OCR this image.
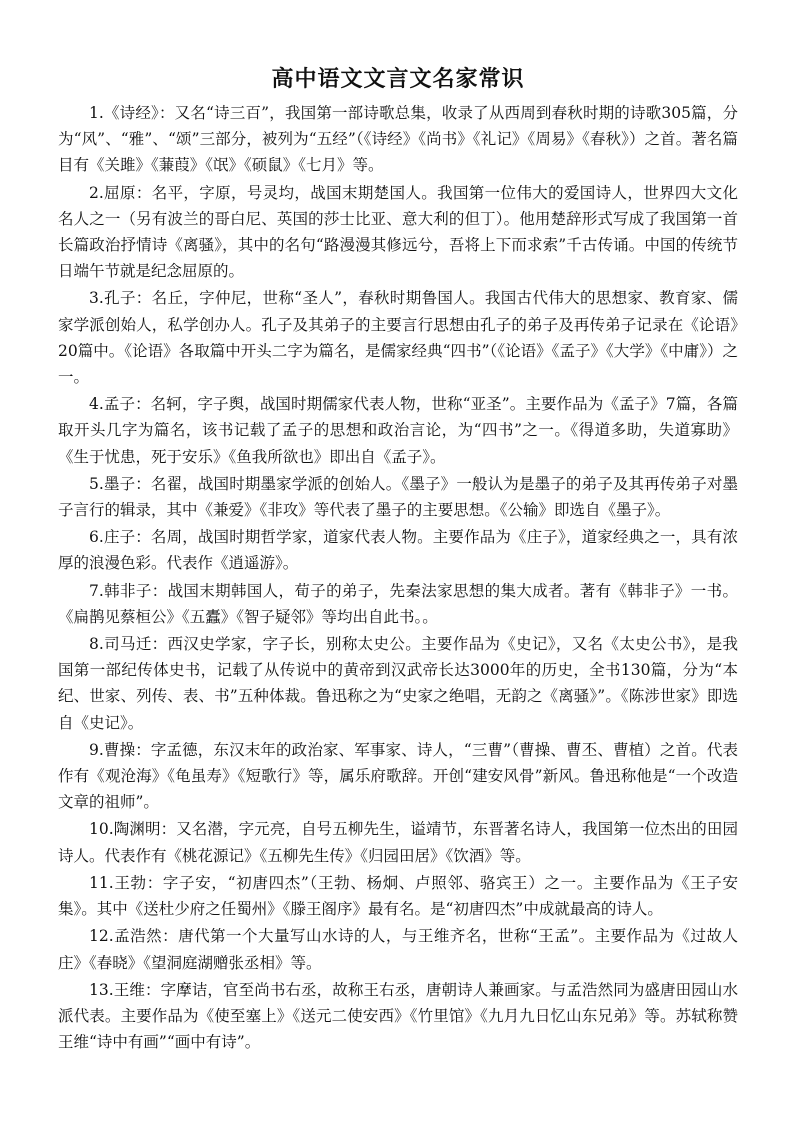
高中语文文言文名家常识

1.《诗经》：又名“诗三百”，我国第一部诗歌总集，收录了从西周到春秋时期的诗歌305篇，分为“风”、“雅”、“颂”三部分，被列为“五经”（《诗经》《尚书》《礼记》《周易》《春秋》）之首。著名篇目有《关雎》《蒹葭》《氓》《硕鼠》《七月》等。

2.屈原：名平，字原，号灵均，战国末期楚国人。我国第一位伟大的爱国诗人，世界四大文化名人之一（另有波兰的哥白尼、英国的莎士比亚、意大利的但丁）。他用楚辞形式写成了我国第一首长篇政治抒情诗《离骚》，其中的名句“路漫漫其修远兮，吾将上下而求索”千古传诵。中国的传统节日端午节就是纪念屈原的。

3.孔子：名丘，字仲尼，世称“圣人”，春秋时期鲁国人。我国古代伟大的思想家、教育家、儒家学派创始人，私学创办人。孔子及其弟子的主要言行思想由孔子的弟子及再传弟子记录在《论语》20篇中。《论语》各取篇中开头二字为篇名，是儒家经典“四书”（《论语》《孟子》《大学》《中庸》）之一。

4.孟子：名轲，字子舆，战国时期儒家代表人物，世称“亚圣”。主要作品为《孟子》7篇，各篇取开头几字为篇名，该书记载了孟子的思想和政治言论，为“四书”之一。《得道多助，失道寡助》《生于忧患，死于安乐》《鱼我所欲也》即出自《孟子》。

5.墨子：名翟，战国时期墨家学派的创始人。《墨子》一般认为是墨子的弟子及其再传弟子对墨子言行的辑录，其中《兼爱》《非攻》等代表了墨子的主要思想。《公输》即选自《墨子》。

6.庄子：名周，战国时期哲学家，道家代表人物。主要作品为《庄子》，道家经典之一，具有浓厚的浪漫色彩。代表作《逍遥游》。

7.韩非子：战国末期韩国人，荀子的弟子，先秦法家思想的集大成者。著有《韩非子》一书。《扁鹊见蔡桓公》《五蠹》《智子疑邻》等均出自此书。。

8.司马迁：西汉史学家，字子长，别称太史公。主要作品为《史记》，又名《太史公书》，是我国第一部纪传体史书，记载了从传说中的黄帝到汉武帝长达3000年的历史，全书130篇，分为“本纪、世家、列传、表、书”五种体裁。鲁迅称之为“史家之绝唱，无韵之《离骚》”。《陈涉世家》即选自《史记》。

9.曹操：字孟德，东汉末年的政治家、军事家、诗人，“三曹”（曹操、曹丕、曹植）之首。代表作有《观沧海》《龟虽寿》《短歌行》等，属乐府歌辞。开创“建安风骨”新风。鲁迅称他是“一个改造文章的祖师”。

10.陶渊明：又名潜，字元亮，自号五柳先生，谥靖节，东晋著名诗人，我国第一位杰出的田园诗人。代表作有《桃花源记》《五柳先生传》《归园田居》《饮酒》等。

11.王勃：字子安，“初唐四杰”（王勃、杨炯、卢照邻、骆宾王）之一。主要作品为《王子安集》。其中《送杜少府之任蜀州》《滕王阁序》最有名。是“初唐四杰”中成就最高的诗人。

12.孟浩然：唐代第一个大量写山水诗的人，与王维齐名，世称“王孟”。主要作品为《过故人庄》《春晓》《望洞庭湖赠张丞相》等。

13.王维：字摩诘，官至尚书右丞，故称王右丞，唐朝诗人兼画家。与孟浩然同为盛唐田园山水派代表。主要作品为《使至塞上》《送元二使安西》《竹里馆》《九月九日忆山东兄弟》等。苏轼称赞王维“诗中有画”“画中有诗”。
